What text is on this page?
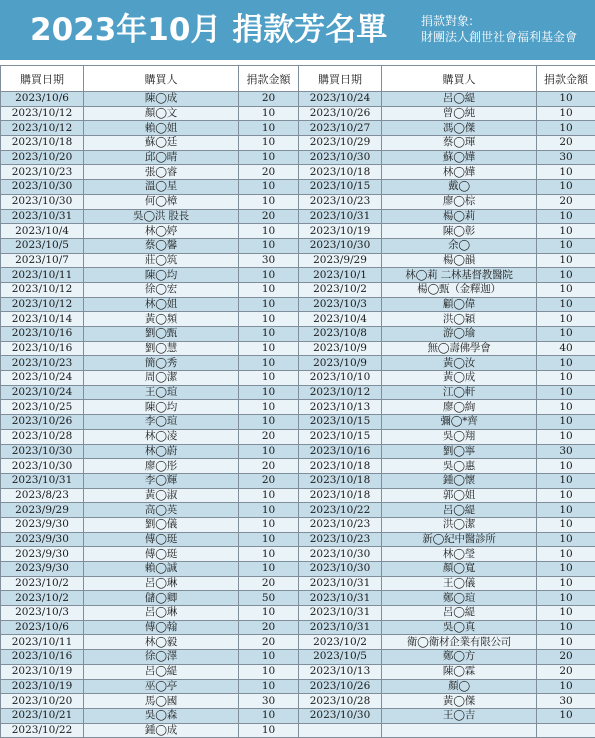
2023年10月 捐款芳名單	捐款對象:
財團法人創世社會福利基金會
購買日期	購買人	捐款金額
2023/10/6	陳◯成	20
2023/10/12	顏◯文	10
2023/10/12	賴◯姐	10
2023/10/18	蘇◯廷	10
2023/10/20	邱◯晴	10
2023/10/23	張◯睿	20
2023/10/30	溫◯星	10
2023/10/30	何◯樟	10
2023/10/31	吳◯洪 股長	20
2023/10/4	林◯婷	10
2023/10/5	蔡◯馨	10
2023/10/7	莊◯筑	30
2023/10/11	陳◯均	10
2023/10/12	徐◯宏	10
2023/10/12	林◯姐	10
2023/10/14	黃◯頻	10
2023/10/16	劉◯甄	10
2023/10/16	劉◯慧	10
2023/10/23	簡◯秀	10
2023/10/24	周◯潔	10
2023/10/24	王◯瑄	10
2023/10/25	陳◯均	10
2023/10/26	李◯瑄	10
2023/10/28	林◯凌	20
2023/10/30	林◯蔚	10
2023/10/30	廖◯彤	20
2023/10/31	李◯輝	20
2023/8/23	黃◯淑	10
2023/9/29	高◯英	10
2023/9/30	劉◯儀	10
2023/9/30	傅◯珽	10
2023/9/30	傅◯珽	10
2023/9/30	賴◯誠	10
2023/10/2	呂◯琳	20
2023/10/2	儲◯卿	50
2023/10/3	呂◯琳	10
2023/10/6	傅◯翰	20
2023/10/11	林◯毅	20
2023/10/16	徐◯澤	10
2023/10/19	呂◯緹	10
2023/10/19	巫◯亭	10
2023/10/20	馬◯國	30
2023/10/21	吳◯森	10
2023/10/22	鍾◯成	10
購買日期	購買人	捐款金額
2023/10/24	呂◯緹	10
2023/10/26	曾◯純	10
2023/10/27	馮◯傑	10
2023/10/29	蔡◯琿	20
2023/10/30	蘇◯嬅	30
2023/10/18	林◯嬅	10
2023/10/15	戴◯	10
2023/10/23	廖◯棕	20
2023/10/31	楊◯莉	10
2023/10/19	陳◯彰	10
2023/10/30	余◯	10
2023/9/29	楊◯韻	10
2023/10/1	林◯莉 二林基督教醫院	10
2023/10/2	楊◯甄（金釋迦）	10
2023/10/3	顧◯偉	10
2023/10/4	洪◯穎	10
2023/10/8	游◯瑜	10
2023/10/9	無◯壽佛學會	40
2023/10/9	黃◯汝	10
2023/10/10	黃◯成	10
2023/10/12	江◯軒	10
2023/10/13	廖◯絢	10
2023/10/15	彌◯*齊	10
2023/10/15	吳◯翔	10
2023/10/16	劉◯寧	30
2023/10/18	吳◯惠	10
2023/10/18	鍾◯懷	10
2023/10/18	郭◯姐	10
2023/10/22	呂◯緹	10
2023/10/23	洪◯潔	10
2023/10/23	新◯紀中醫診所	10
2023/10/30	林◯瑩	10
2023/10/30	顏◯寬	10
2023/10/31	王◯儀	10
2023/10/31	鄭◯瑄	10
2023/10/31	呂◯緹	10
2023/10/31	吳◯真	10
2023/10/2	衛◯衛材企業有限公司	10
2023/10/5	鄭◯方	20
2023/10/13	陳◯霖	20
2023/10/26	顏◯	10
2023/10/28	黃◯傑	30
2023/10/30	王◯吉	10
